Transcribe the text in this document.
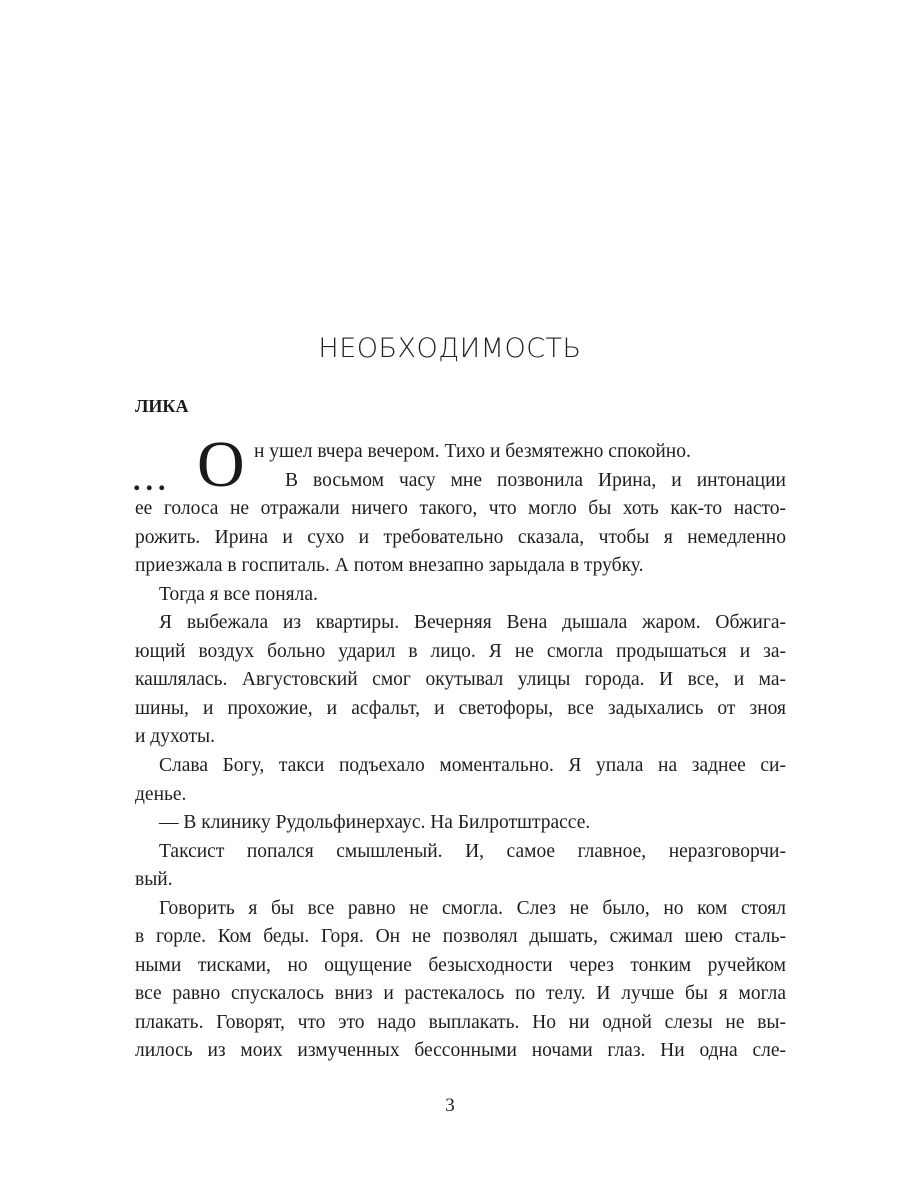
НЕОБХОДИМОСТЬ
ЛИКА
... О н ушел вчера вечером. Тихо и безмятежно спокойно.
В восьмом часу мне позвонила Ирина, и интонации
ее голоса не отражали ничего такого, что могло бы хоть как-то насто-
рожить. Ирина и сухо и требовательно сказала, чтобы я немедленно
приезжала в госпиталь. А потом внезапно зарыдала в трубку.
Тогда я все поняла.
Я выбежала из квартиры. Вечерняя Вена дышала жаром. Обжига-
ющий воздух больно ударил в лицо. Я не смогла продышаться и за-
кашлялась. Августовский смог окутывал улицы города. И все, и ма-
шины, и прохожие, и асфальт, и светофоры, все задыхались от зноя
и духоты.
Слава Богу, такси подъехало моментально. Я упала на заднее си-
денье.
— В клинику Рудольфинерхаус. На Билротштрассе.
Таксист попался смышленый. И, самое главное, неразговорчи-
вый.
Говорить я бы все равно не смогла. Слез не было, но ком стоял
в горле. Ком беды. Горя. Он не позволял дышать, сжимал шею сталь-
ными тисками, но ощущение безысходности через тонким ручейком
все равно спускалось вниз и растекалось по телу. И лучше бы я могла
плакать. Говорят, что это надо выплакать. Но ни одной слезы не вы-
лилось из моих измученных бессонными ночами глаз. Ни одна сле-
3
